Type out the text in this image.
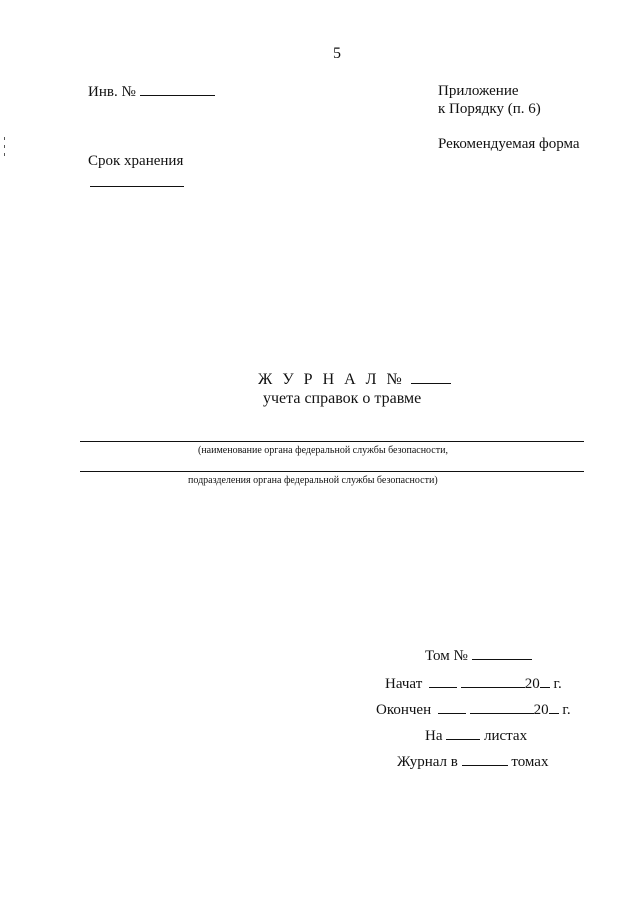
5
Инв. №
Срок хранения
Приложение
к Порядку (п. 6)
Рекомендуемая форма
Ж У Р Н А Л №
учета справок о травме
(наименование органа федеральной службы безопасности,
подразделения органа федеральной службы безопасности)
Том №
Начат	20 г.
Окончен	20 г.
На	листах
Журнал в	томах
